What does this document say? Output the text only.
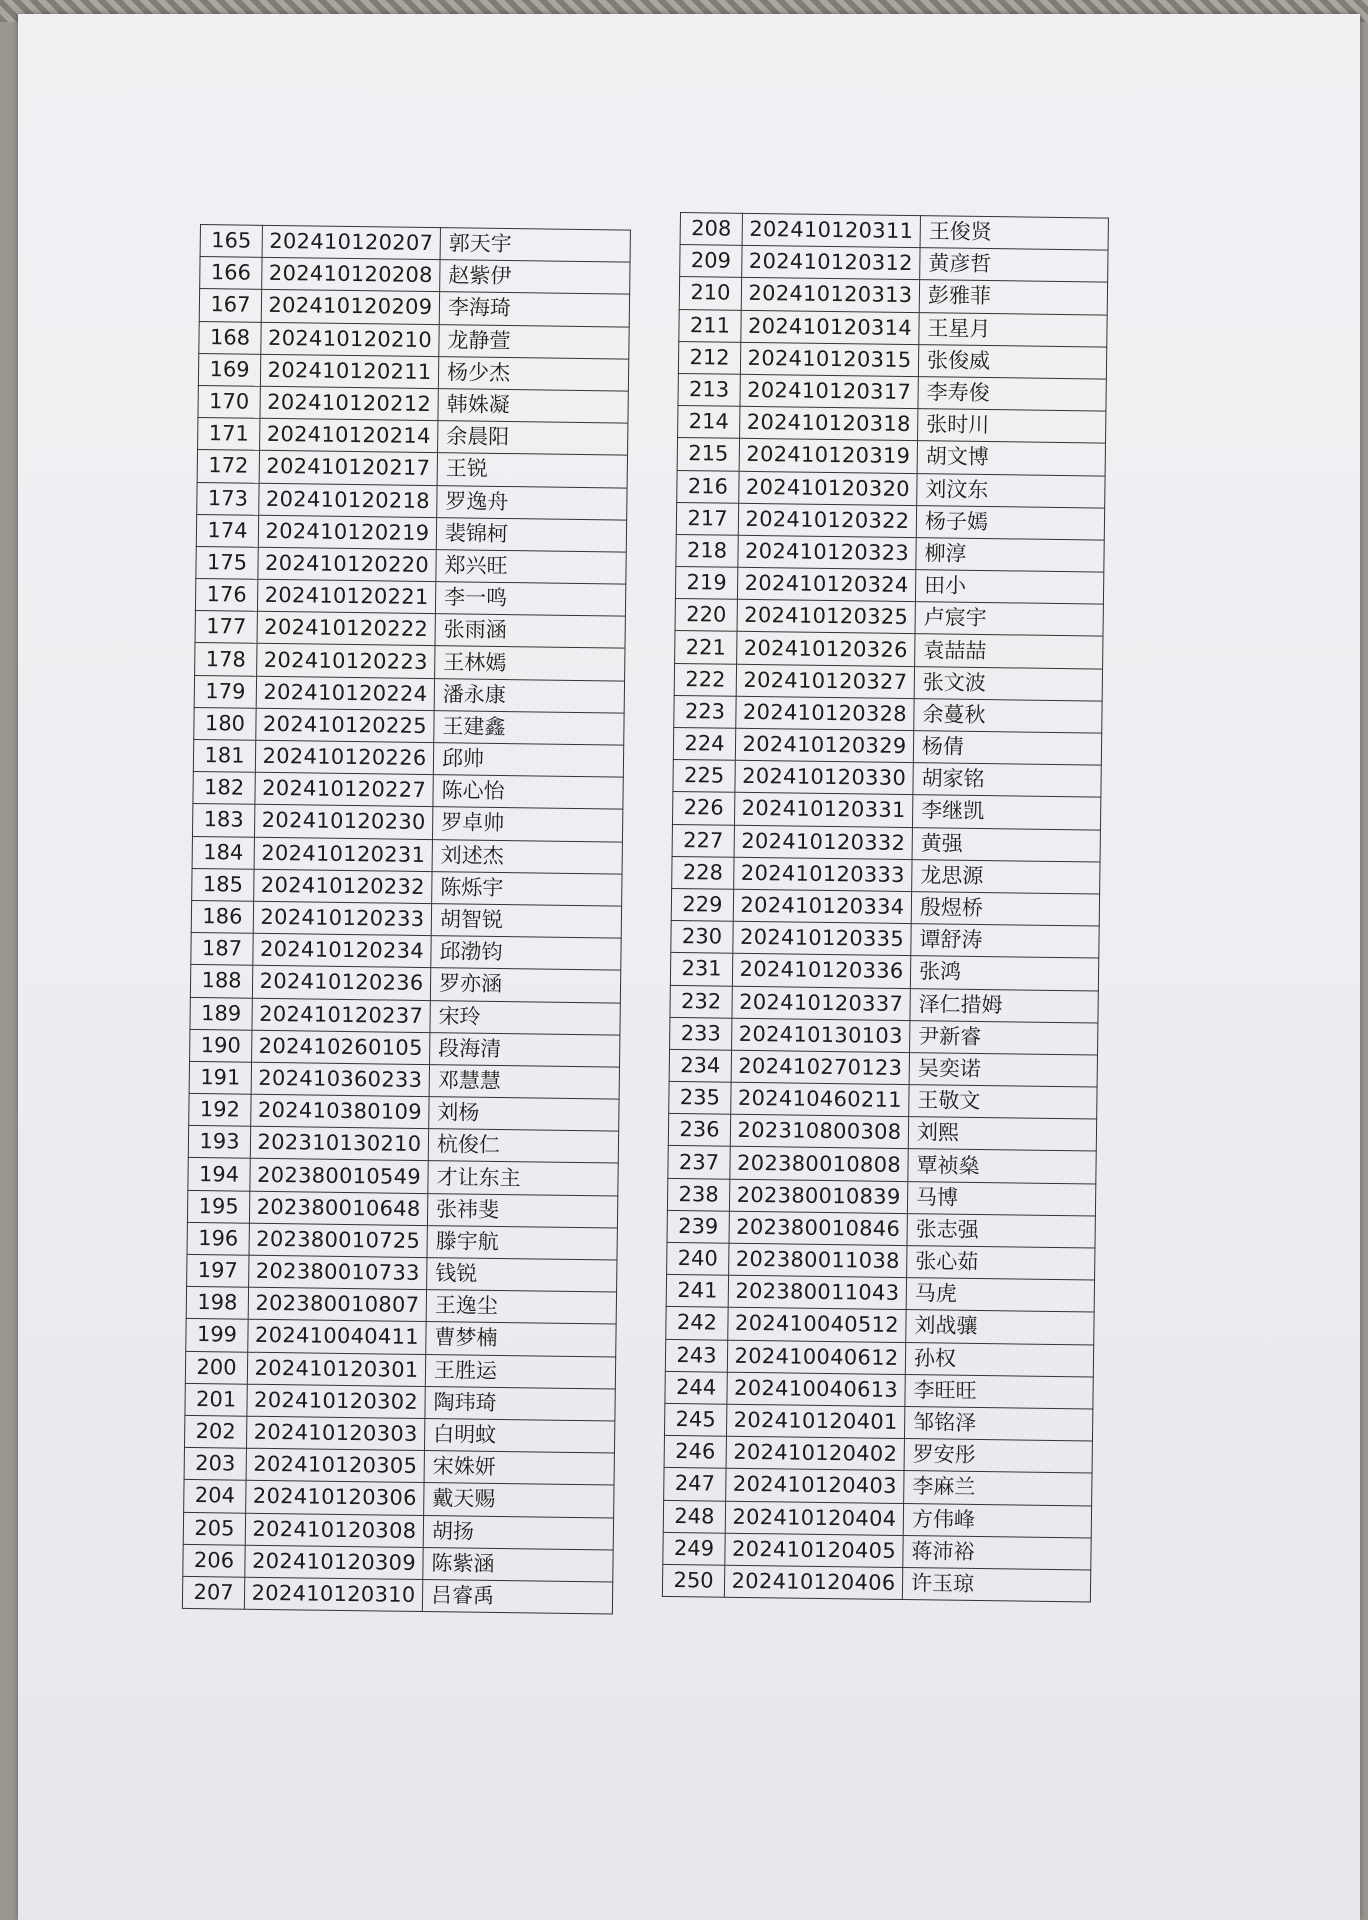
165	202410120207	郭天宇
166	202410120208	赵紫伊
167	202410120209	李海琦
168	202410120210	龙静萱
169	202410120211	杨少杰
170	202410120212	韩姝凝
171	202410120214	余晨阳
172	202410120217	王锐
173	202410120218	罗逸舟
174	202410120219	裴锦柯
175	202410120220	郑兴旺
176	202410120221	李一鸣
177	202410120222	张雨涵
178	202410120223	王林嫣
179	202410120224	潘永康
180	202410120225	王建鑫
181	202410120226	邱帅
182	202410120227	陈心怡
183	202410120230	罗卓帅
184	202410120231	刘述杰
185	202410120232	陈烁宇
186	202410120233	胡智锐
187	202410120234	邱渤钧
188	202410120236	罗亦涵
189	202410120237	宋玲
190	202410260105	段海清
191	202410360233	邓慧慧
192	202410380109	刘杨
193	202310130210	杭俊仁
194	202380010549	才让东主
195	202380010648	张祎斐
196	202380010725	滕宇航
197	202380010733	钱锐
198	202380010807	王逸尘
199	202410040411	曹梦楠
200	202410120301	王胜运
201	202410120302	陶玮琦
202	202410120303	白明蚊
203	202410120305	宋姝妍
204	202410120306	戴天赐
205	202410120308	胡扬
206	202410120309	陈紫涵
207	202410120310	吕睿禹
208	202410120311	王俊贤
209	202410120312	黄彦哲
210	202410120313	彭雅菲
211	202410120314	王星月
212	202410120315	张俊威
213	202410120317	李寿俊
214	202410120318	张时川
215	202410120319	胡文博
216	202410120320	刘汶东
217	202410120322	杨子嫣
218	202410120323	柳淳
219	202410120324	田小
220	202410120325	卢宸宇
221	202410120326	袁喆喆
222	202410120327	张文波
223	202410120328	余蔓秋
224	202410120329	杨倩
225	202410120330	胡家铭
226	202410120331	李继凯
227	202410120332	黄强
228	202410120333	龙思源
229	202410120334	殷煜桥
230	202410120335	谭舒涛
231	202410120336	张鸿
232	202410120337	泽仁措姆
233	202410130103	尹新睿
234	202410270123	吴奕诺
235	202410460211	王敬文
236	202310800308	刘熙
237	202380010808	覃祯燊
238	202380010839	马博
239	202380010846	张志强
240	202380011038	张心茹
241	202380011043	马虎
242	202410040512	刘战骧
243	202410040612	孙权
244	202410040613	李旺旺
245	202410120401	邹铭泽
246	202410120402	罗安彤
247	202410120403	李麻兰
248	202410120404	方伟峰
249	202410120405	蒋沛裕
250	202410120406	许玉琼
